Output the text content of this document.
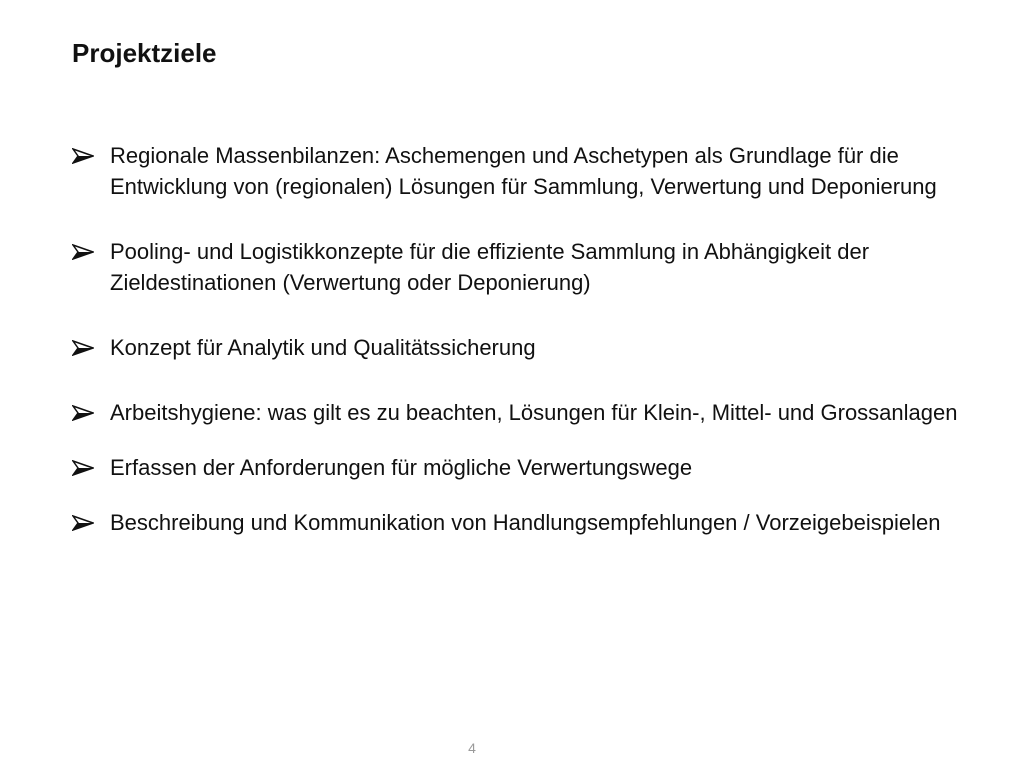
Projektziele
Regionale Massenbilanzen: Aschemengen und Aschetypen als Grundlage für die Entwicklung von (regionalen) Lösungen für Sammlung, Verwertung und Deponierung
Pooling- und Logistikkonzepte für die effiziente Sammlung in Abhängigkeit der Zieldestinationen (Verwertung oder Deponierung)
Konzept für Analytik und Qualitätssicherung
Arbeitshygiene: was gilt es zu beachten, Lösungen für Klein-, Mittel- und Grossanlagen
Erfassen der Anforderungen für mögliche Verwertungswege
Beschreibung und Kommunikation von Handlungsempfehlungen / Vorzeigebeispielen
4
